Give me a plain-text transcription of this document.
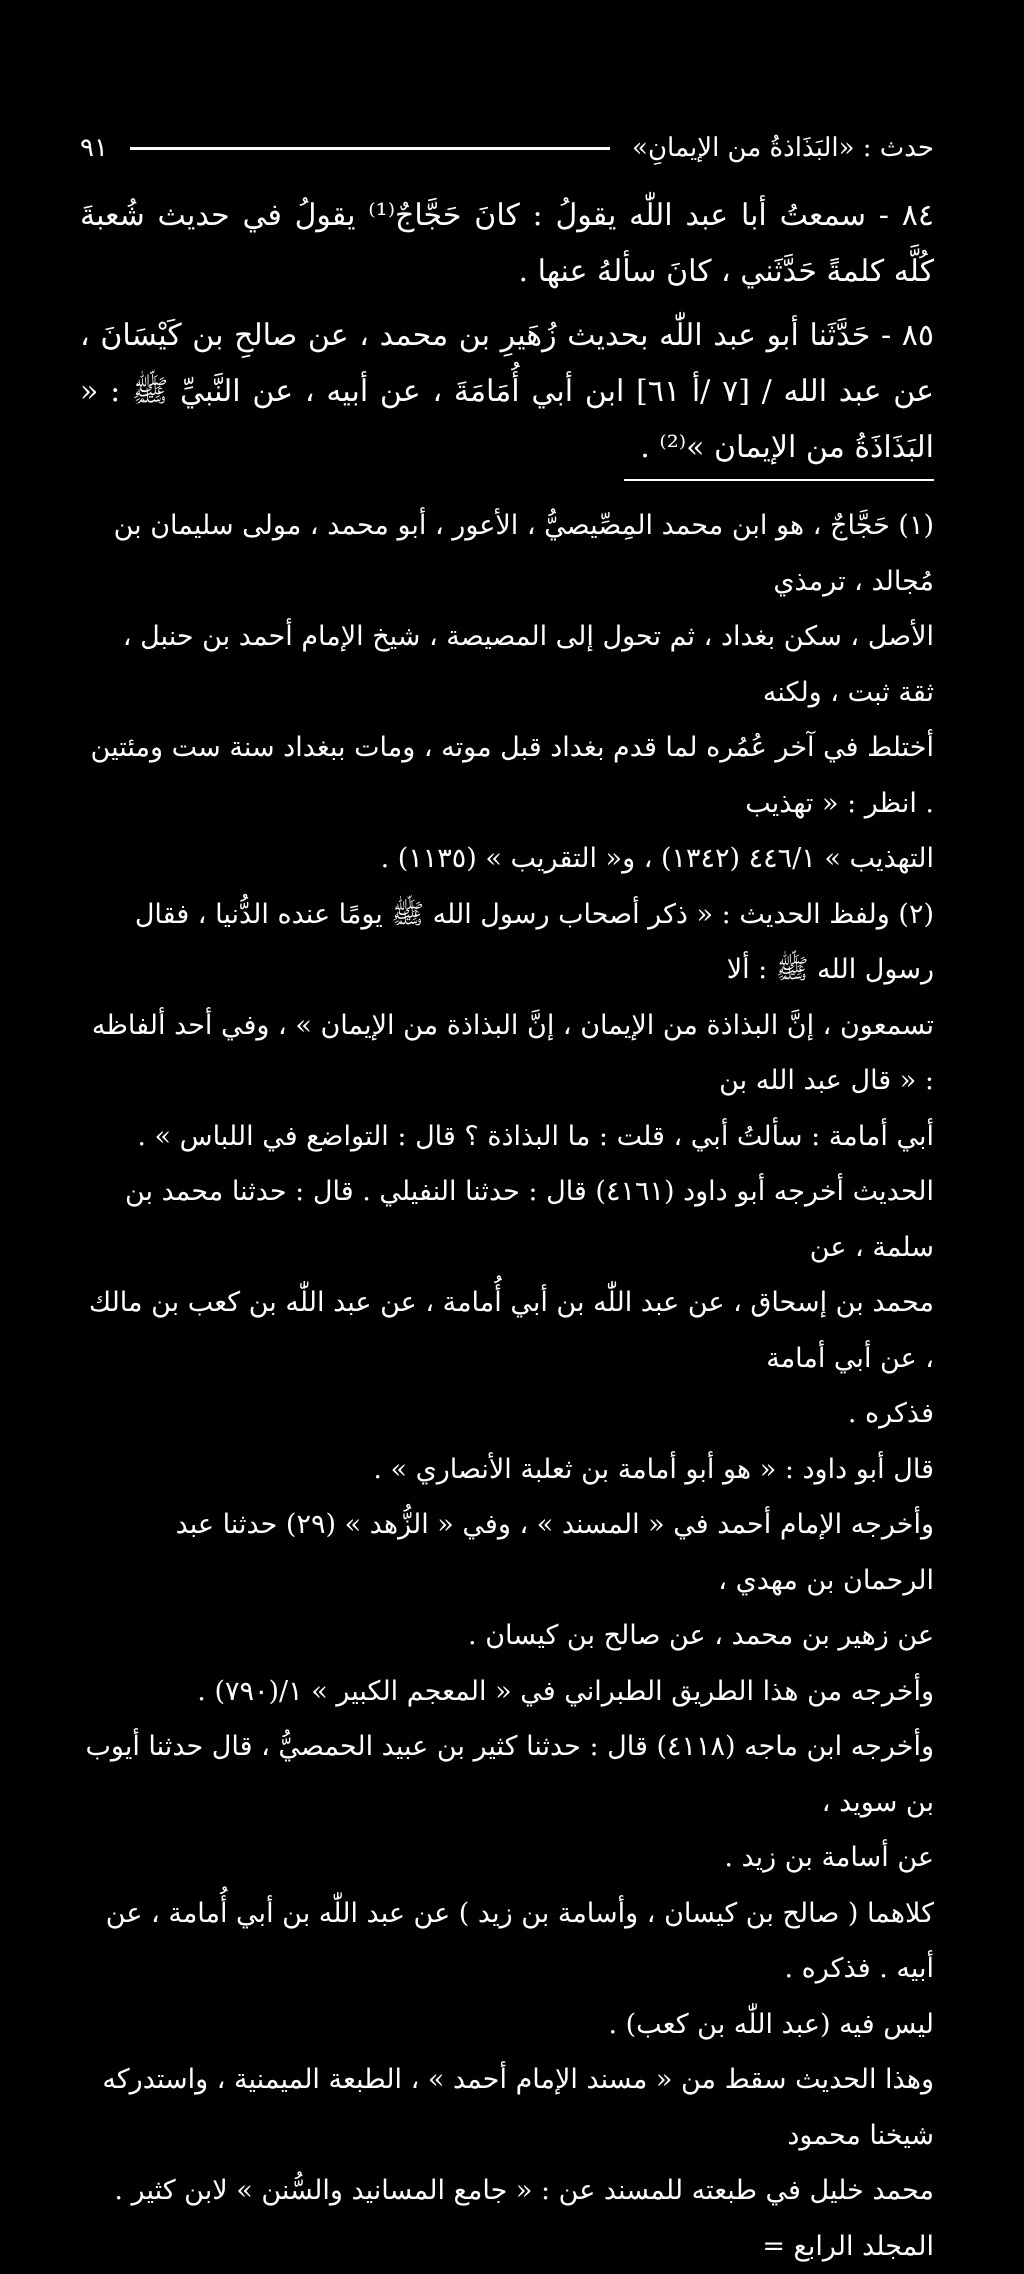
حدث : «البَذَاذةُ من الإيمانِ»
٩١

٨٤ - سمعتُ أبا عبد اللّٰه يقولُ : كانَ حَجَّاجٌ⁽¹⁾ يقولُ في حديث شُعبةَ كُلَّه كلمةً حَدَّثَني ، كانَ سألهُ عنها .

٨٥ - حَدَّثَنا أبو عبد اللّٰه بحديث زُهَيرِ بن محمد ، عن صالحِ بن كَيْسَانَ ، عن عبد الله / [٧ /أ ٦١] ابن أبي أُمَامَةَ ، عن أبيه ، عن النَّبيِّ ﷺ : « البَذَاذَةُ من الإيمان »⁽²⁾ .

(١) حَجَّاجٌ ، هو ابن محمد المِصِّيصيُّ ، الأعور ، أبو محمد ، مولى سليمان بن مُجالد ، ترمذي

الأصل ، سكن بغداد ، ثم تحول إلى المصيصة ، شيخ الإمام أحمد بن حنبل ، ثقة ثبت ، ولكنه

أختلط في آخر عُمُره لما قدم بغداد قبل موته ، ومات ببغداد سنة ست ومئتين . انظر : « تهذيب

التهذيب » ٤٤٦/١ (١٣٤٢) ، و« التقريب » (١١٣٥) .

(٢) ولفظ الحديث : « ذكر أصحاب رسول الله ﷺ يومًا عنده الدُّنيا ، فقال رسول الله ﷺ : ألا

تسمعون ، إنَّ البذاذة من الإيمان ، إنَّ البذاذة من الإيمان » ، وفي أحد ألفاظه : « قال عبد الله بن

أبي أمامة : سألتُ أبي ، قلت : ما البذاذة ؟ قال : التواضع في اللباس » .

الحديث أخرجه أبو داود (٤١٦١) قال : حدثنا النفيلي . قال : حدثنا محمد بن سلمة ، عن

محمد بن إسحاق ، عن عبد اللّٰه بن أبي أُمامة ، عن عبد اللّٰه بن كعب بن مالك ، عن أبي أمامة

فذكره .

قال أبو داود : « هو أبو أمامة بن ثعلبة الأنصاري » .

وأخرجه الإمام أحمد في « المسند » ، وفي « الزُّهد » (٢٩) حدثنا عبد الرحمان بن مهدي ،

عن زهير بن محمد ، عن صالح بن كيسان .

وأخرجه من هذا الطريق الطبراني في « المعجم الكبير » ١/(٧٩٠) .

وأخرجه ابن ماجه (٤١١٨) قال : حدثنا كثير بن عبيد الحمصيُّ ، قال حدثنا أيوب بن سويد ،

عن أسامة بن زيد .

كلاهما ( صالح بن كيسان ، وأسامة بن زيد ) عن عبد اللّٰه بن أبي أُمامة ، عن أبيه . فذكره .

ليس فيه (عبد اللّٰه بن كعب) .

وهذا الحديث سقط من « مسند الإمام أحمد » ، الطبعة الميمنية ، واستدركه شيخنا محمود

محمد خليل في طبعته للمسند عن : « جامع المسانيد والسُّنن » لابن كثير . المجلد الرابع =
